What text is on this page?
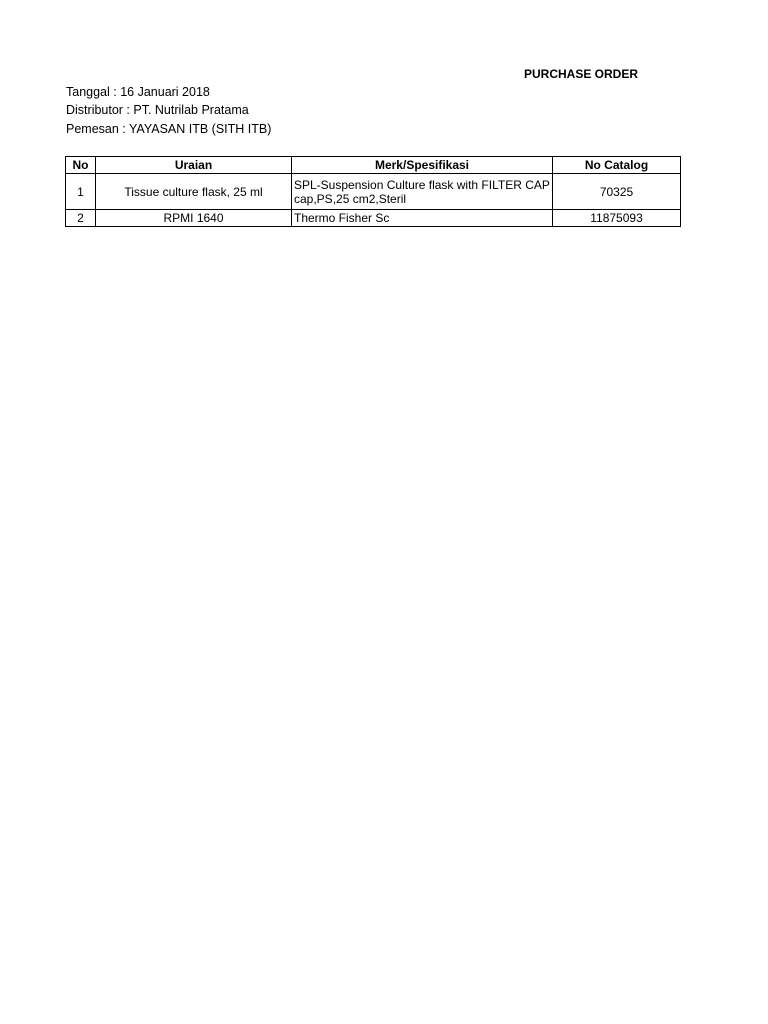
PURCHASE ORDER
Tanggal : 16 Januari 2018
Distributor : PT. Nutrilab Pratama
Pemesan : YAYASAN ITB (SITH ITB)
No	Uraian	Merk/Spesifikasi	No Catalog
1	Tissue culture flask, 25 ml	SPL-Suspension Culture flask with FILTER CAP cap,PS,25 cm2,Steril	70325
2	RPMI 1640	Thermo Fisher Sc	11875093
